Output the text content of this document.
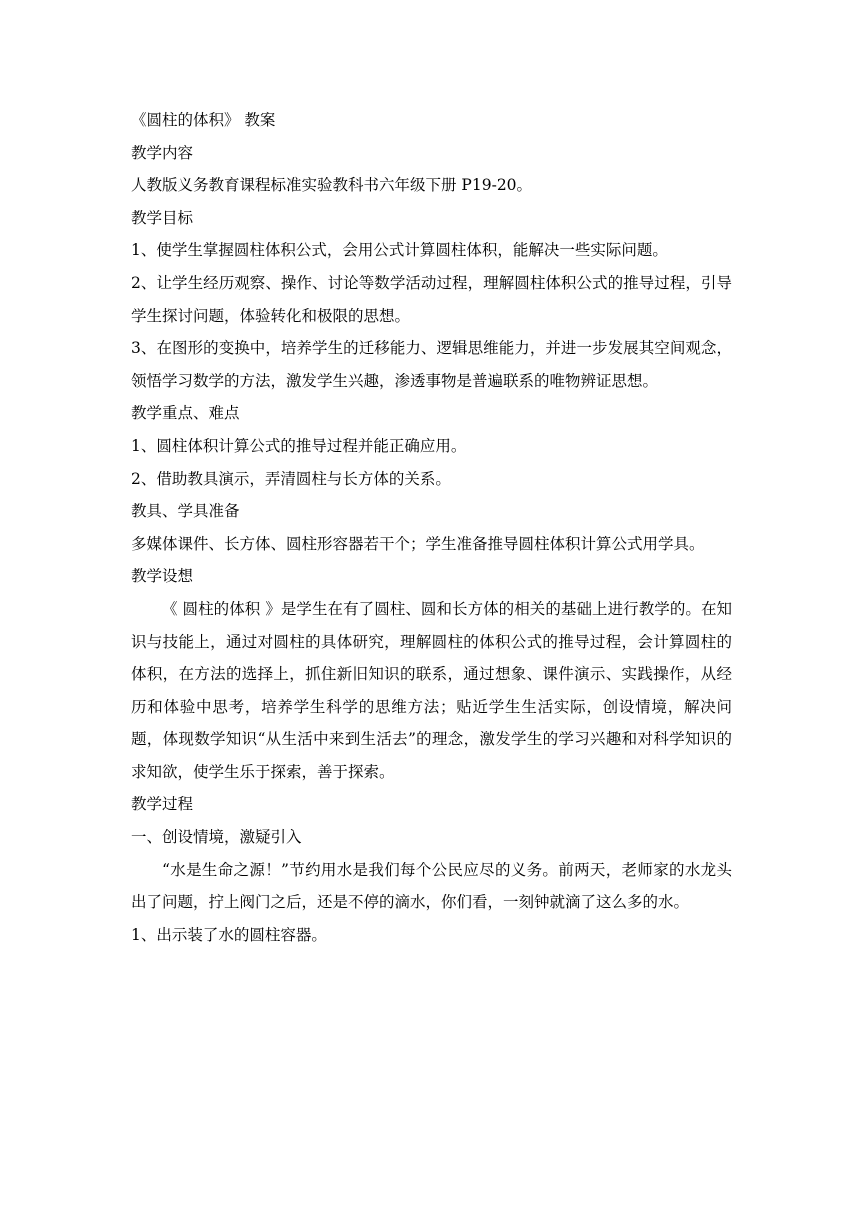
《圆柱的体积》 教案
教学内容
人教版义务教育课程标准实验教科书六年级下册 P19-20。
教学目标
1、使学生掌握圆柱体积公式，会用公式计算圆柱体积，能解决一些实际问题。
2、让学生经历观察、操作、讨论等数学活动过程，理解圆柱体积公式的推导过程，引导学生探讨问题，体验转化和极限的思想。
3、在图形的变换中，培养学生的迁移能力、逻辑思维能力，并进一步发展其空间观念，领悟学习数学的方法，激发学生兴趣，渗透事物是普遍联系的唯物辨证思想。
教学重点、难点
1、圆柱体积计算公式的推导过程并能正确应用。
2、借助教具演示，弄清圆柱与长方体的关系。
教具、学具准备
多媒体课件、长方体、圆柱形容器若干个；学生准备推导圆柱体积计算公式用学具。
教学设想
《 圆柱的体积 》是学生在有了圆柱、圆和长方体的相关的基础上进行教学的。在知识与技能上，通过对圆柱的具体研究，理解圆柱的体积公式的推导过程，会计算圆柱的体积，在方法的选择上，抓住新旧知识的联系，通过想象、课件演示、实践操作，从经历和体验中思考，培养学生科学的思维方法；贴近学生生活实际，创设情境，解决问题，体现数学知识“从生活中来到生活去”的理念，激发学生的学习兴趣和对科学知识的求知欲，使学生乐于探索，善于探索。
教学过程
一、创设情境，激疑引入
“水是生命之源！”节约用水是我们每个公民应尽的义务。前两天，老师家的水龙头出了问题，拧上阀门之后，还是不停的滴水，你们看，一刻钟就滴了这么多的水。
1、出示装了水的圆柱容器。
